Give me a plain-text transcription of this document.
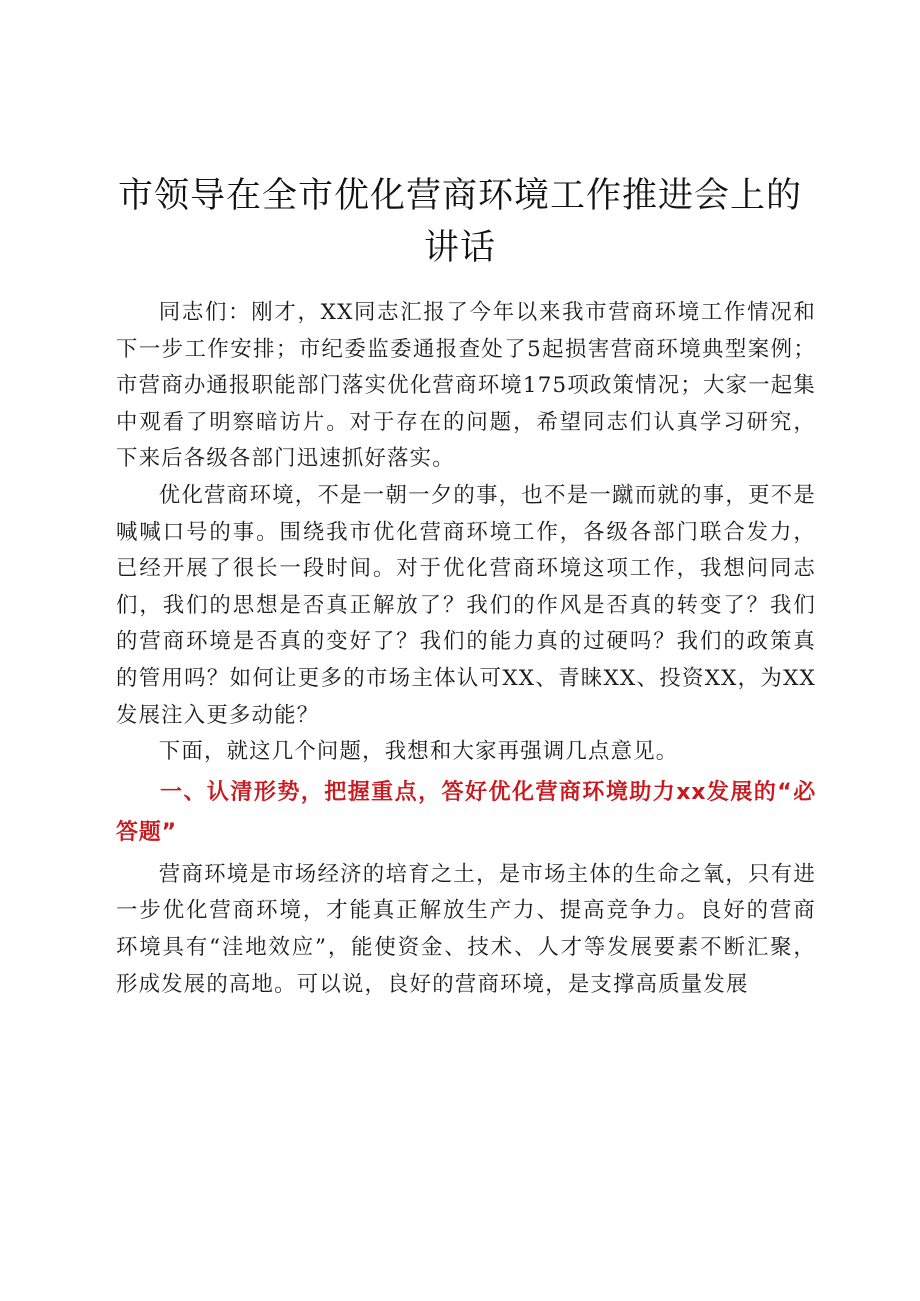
市领导在全市优化营商环境工作推进会上的讲话

同志们：刚才，XX同志汇报了今年以来我市营商环境工作情况和下一步工作安排；市纪委监委通报查处了5起损害营商环境典型案例；市营商办通报职能部门落实优化营商环境175项政策情况；大家一起集中观看了明察暗访片。对于存在的问题，希望同志们认真学习研究，下来后各级各部门迅速抓好落实。

优化营商环境，不是一朝一夕的事，也不是一蹴而就的事，更不是喊喊口号的事。围绕我市优化营商环境工作，各级各部门联合发力，已经开展了很长一段时间。对于优化营商环境这项工作，我想问同志们，我们的思想是否真正解放了？我们的作风是否真的转变了？我们的营商环境是否真的变好了？我们的能力真的过硬吗？我们的政策真的管用吗？如何让更多的市场主体认可XX、青睐XX、投资XX，为XX发展注入更多动能？

下面，就这几个问题，我想和大家再强调几点意见。

一、认清形势，把握重点，答好优化营商环境助力xx发展的“必答题”

营商环境是市场经济的培育之土，是市场主体的生命之氧，只有进一步优化营商环境，才能真正解放生产力、提高竞争力。良好的营商环境具有“洼地效应”，能使资金、技术、人才等发展要素不断汇聚，形成发展的高地。可以说，良好的营商环境，是支撑高质量发展
